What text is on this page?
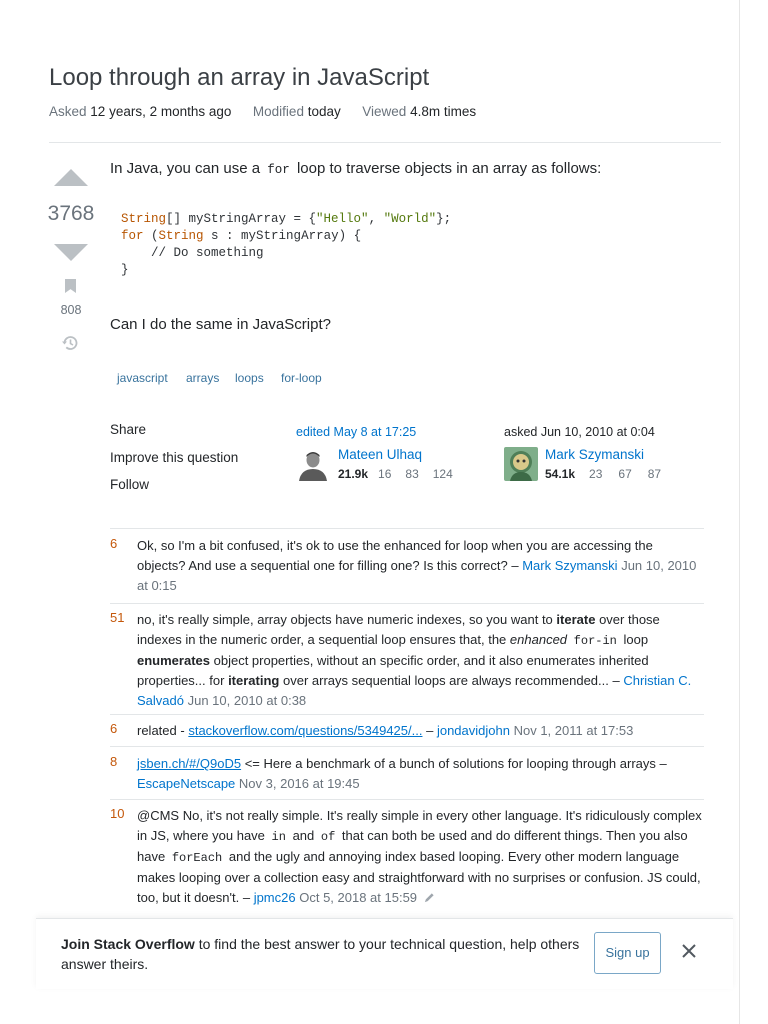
Loop through an array in JavaScript
Asked 12 years, 2 months ago Modified today Viewed 4.8m times
3768
808
In Java, you can use a for loop to traverse objects in an array as follows:
String[] myStringArray = {"Hello", "World"};
for (String s : myStringArray) {
// Do something
}
Can I do the same in JavaScript?
javascript	arrays	loops	for-loop
Share
Improve this question
Follow
edited May 8 at 17:25
Mateen Ulhaq
21.9k 16 83 124
asked Jun 10, 2010 at 0:04
Mark Szymanski
54.1k 23 67 87
6	Ok, so I'm a bit confused, it's ok to use the enhanced for loop when you are accessing the objects? And use a sequential one for filling one? Is this correct? – Mark Szymanski Jun 10, 2010 at 0:15
51 no, it's really simple, array objects have numeric indexes, so you want to iterate over those indexes in the numeric order, a sequential loop ensures that, the enhanced for-in loop enumerates object properties, without an specific order, and it also enumerates inherited properties... for iterating over arrays sequential loops are always recommended... – Christian C. Salvadó Jun 10, 2010 at 0:38
6	related - stackoverflow.com/questions/5349425/... – jondavidjohn Nov 1, 2011 at 17:53
8	jsben.ch/#/Q9oD5 <= Here a benchmark of a bunch of solutions for looping through arrays – EscapeNetscape Nov 3, 2016 at 19:45
10 @CMS No, it's not really simple. It's really simple in every other language. It's ridiculously complex in JS, where you have in and of that can both be used and do different things. Then you also have forEach and the ugly and annoying index based looping. Every other modern language makes looping over a collection easy and straightforward with no surprises or confusion. JS could, too, but it doesn't. – jpmc26 Oct 5, 2018 at 15:59
Join Stack Overflow to find the best answer to your technical question, help others answer theirs.
Sign up
